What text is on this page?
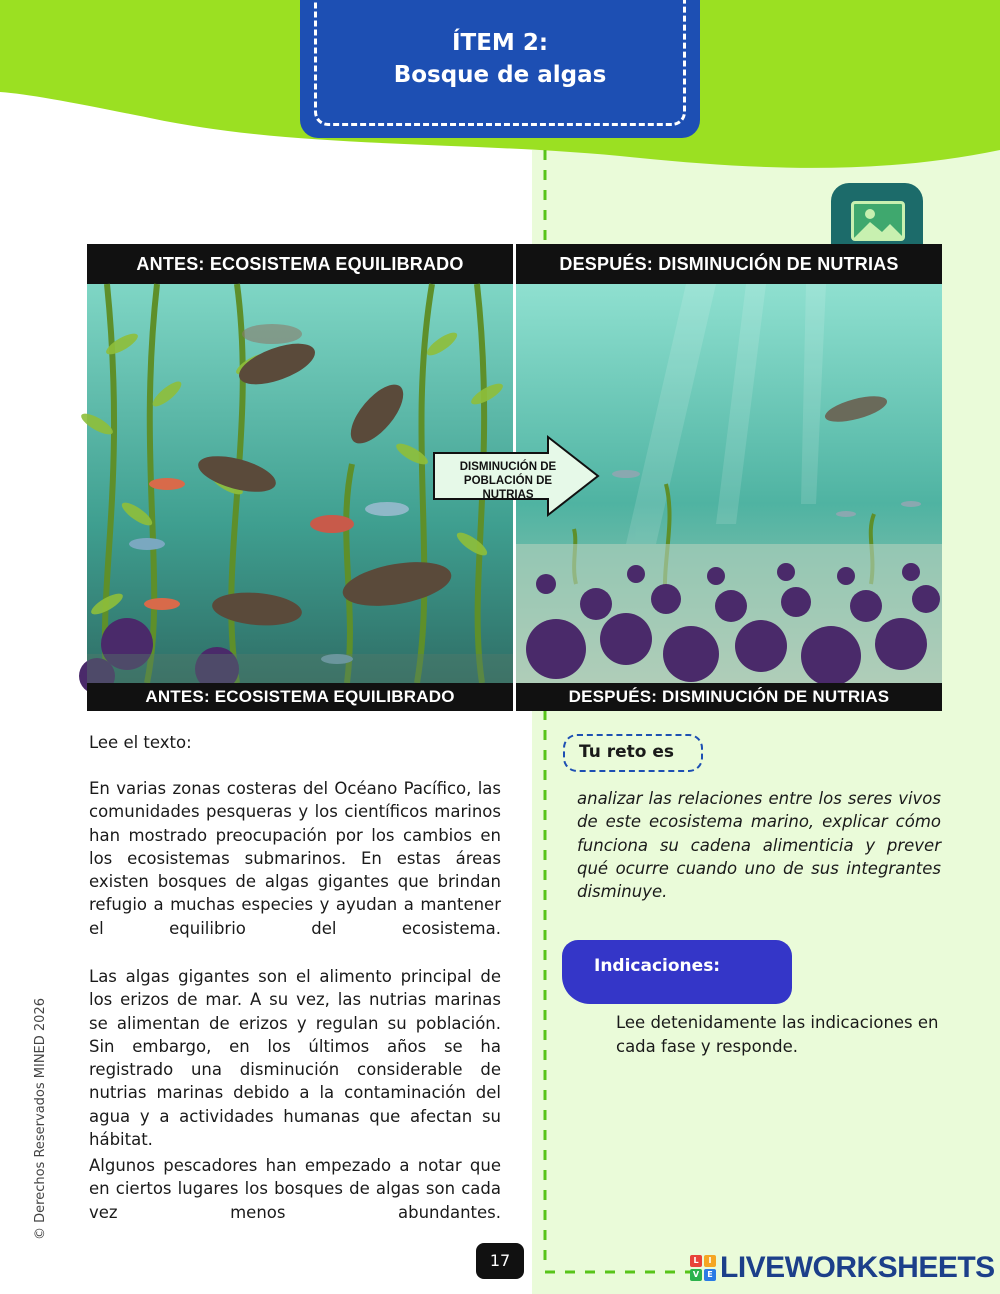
ÍTEM 2:
Bosque de algas
ANTES: ECOSISTEMA EQUILIBRADO
ANTES: ECOSISTEMA EQUILIBRADO
DESPUÉS: DISMINUCIÓN DE NUTRIAS
DESPUÉS: DISMINUCIÓN DE NUTRIAS
DISMINUCIÓN DE
POBLACIÓN DE NUTRIAS
Lee el texto:
En varias zonas costeras del Océano Pacífico, las comunidades pesqueras y los científicos marinos han mostrado preocupación por los cambios en los ecosistemas submarinos. En estas áreas existen bosques de algas gigantes que brindan refugio a muchas especies y ayudan a mantener el equilibrio del ecosistema.
Las algas gigantes son el alimento principal de los erizos de mar. A su vez, las nutrias marinas se alimentan de erizos y regulan su población. Sin embargo, en los últimos años se ha registrado una disminución considerable de nutrias marinas debido a la contaminación del agua y a actividades humanas que afectan su hábitat.
Algunos pescadores han empezado a notar que en ciertos lugares los bosques de algas son cada vez menos abundantes.
Tu reto es
analizar las relaciones entre los seres vivos de este ecosistema marino, explicar cómo funciona su cadena alimenticia y prever qué ocurre cuando uno de sus integrantes disminuye.
Indicaciones:
Lee detenidamente las indicaciones en cada fase y responde.
© Derechos Reservados MINED 2026
17	L	I
V	E LIVEWORKSHEETS
